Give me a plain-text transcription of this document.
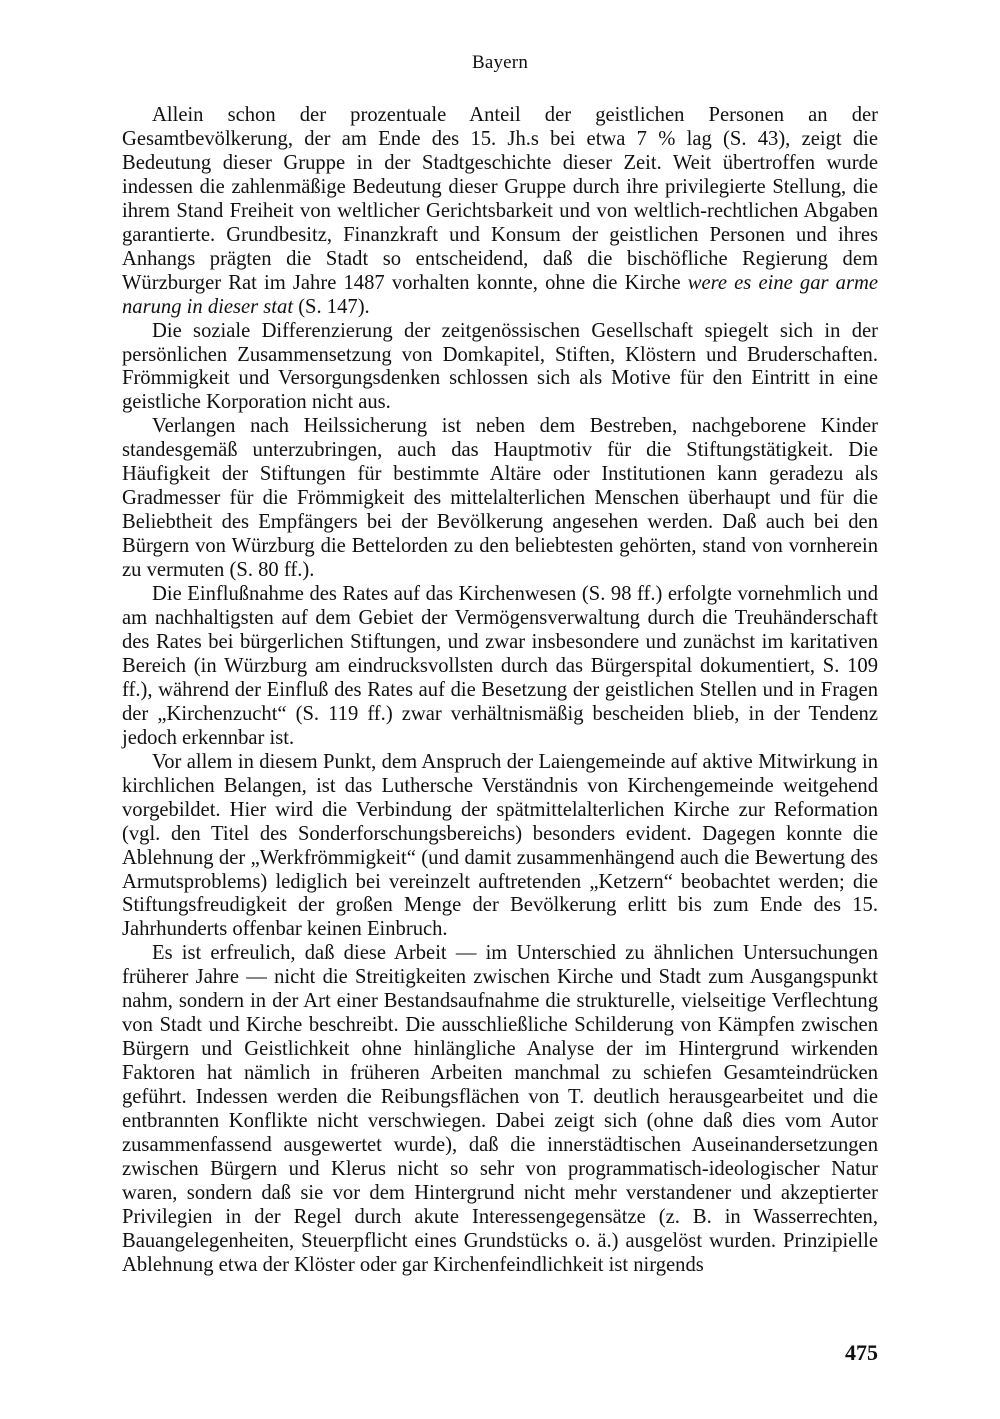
Bayern

Allein schon der prozentuale Anteil der geistlichen Personen an der Gesamtbevölkerung, der am Ende des 15. Jh.s bei etwa 7 % lag (S. 43), zeigt die Bedeutung dieser Gruppe in der Stadtgeschichte dieser Zeit. Weit übertroffen wurde indessen die zahlenmäßige Bedeutung dieser Gruppe durch ihre privilegierte Stellung, die ihrem Stand Freiheit von weltlicher Gerichtsbarkeit und von weltlich-rechtlichen Abgaben garantierte. Grundbesitz, Finanzkraft und Konsum der geistlichen Personen und ihres Anhangs prägten die Stadt so entscheidend, daß die bischöfliche Regierung dem Würzburger Rat im Jahre 1487 vorhalten konnte, ohne die Kirche were es eine gar arme narung in dieser stat (S. 147).

Die soziale Differenzierung der zeitgenössischen Gesellschaft spiegelt sich in der persönlichen Zusammensetzung von Domkapitel, Stiften, Klöstern und Bruderschaften. Frömmigkeit und Versorgungsdenken schlossen sich als Motive für den Eintritt in eine geistliche Korporation nicht aus.

Verlangen nach Heilssicherung ist neben dem Bestreben, nachgeborene Kinder standesgemäß unterzubringen, auch das Hauptmotiv für die Stiftungstätigkeit. Die Häufigkeit der Stiftungen für bestimmte Altäre oder Institutionen kann geradezu als Gradmesser für die Frömmigkeit des mittelalterlichen Menschen überhaupt und für die Beliebtheit des Empfängers bei der Bevölkerung angesehen werden. Daß auch bei den Bürgern von Würzburg die Bettelorden zu den beliebtesten gehörten, stand von vornherein zu vermuten (S. 80 ff.).

Die Einflußnahme des Rates auf das Kirchenwesen (S. 98 ff.) erfolgte vornehmlich und am nachhaltigsten auf dem Gebiet der Vermögensverwaltung durch die Treuhänderschaft des Rates bei bürgerlichen Stiftungen, und zwar insbesondere und zunächst im karitativen Bereich (in Würzburg am eindrucksvollsten durch das Bürgerspital dokumentiert, S. 109 ff.), während der Einfluß des Rates auf die Besetzung der geistlichen Stellen und in Fragen der „Kirchenzucht“ (S. 119 ff.) zwar verhältnismäßig bescheiden blieb, in der Tendenz jedoch erkennbar ist.

Vor allem in diesem Punkt, dem Anspruch der Laiengemeinde auf aktive Mitwirkung in kirchlichen Belangen, ist das Luthersche Verständnis von Kirchengemeinde weitgehend vorgebildet. Hier wird die Verbindung der spätmittelalterlichen Kirche zur Reformation (vgl. den Titel des Sonderforschungsbereichs) besonders evident. Dagegen konnte die Ablehnung der „Werkfrömmigkeit“ (und damit zusammenhängend auch die Bewertung des Armutsproblems) lediglich bei vereinzelt auftretenden „Ketzern“ beobachtet werden; die Stiftungsfreudigkeit der großen Menge der Bevölkerung erlitt bis zum Ende des 15. Jahrhunderts offenbar keinen Einbruch.

Es ist erfreulich, daß diese Arbeit — im Unterschied zu ähnlichen Untersuchungen früherer Jahre — nicht die Streitigkeiten zwischen Kirche und Stadt zum Ausgangspunkt nahm, sondern in der Art einer Bestandsaufnahme die strukturelle, vielseitige Verflechtung von Stadt und Kirche beschreibt. Die ausschließliche Schilderung von Kämpfen zwischen Bürgern und Geistlichkeit ohne hinlängliche Analyse der im Hintergrund wirkenden Faktoren hat nämlich in früheren Arbeiten manchmal zu schiefen Gesamteindrücken geführt. Indessen werden die Reibungsflächen von T. deutlich herausgearbeitet und die entbrannten Konflikte nicht verschwiegen. Dabei zeigt sich (ohne daß dies vom Autor zusammenfassend ausgewertet wurde), daß die innerstädtischen Auseinandersetzungen zwischen Bürgern und Klerus nicht so sehr von programmatisch-ideologischer Natur waren, sondern daß sie vor dem Hintergrund nicht mehr verstandener und akzeptierter Privilegien in der Regel durch akute Interessengegensätze (z. B. in Wasserrechten, Bauangelegenheiten, Steuerpflicht eines Grundstücks o. ä.) ausgelöst wurden. Prinzipielle Ablehnung etwa der Klöster oder gar Kirchenfeindlichkeit ist nirgends

475
